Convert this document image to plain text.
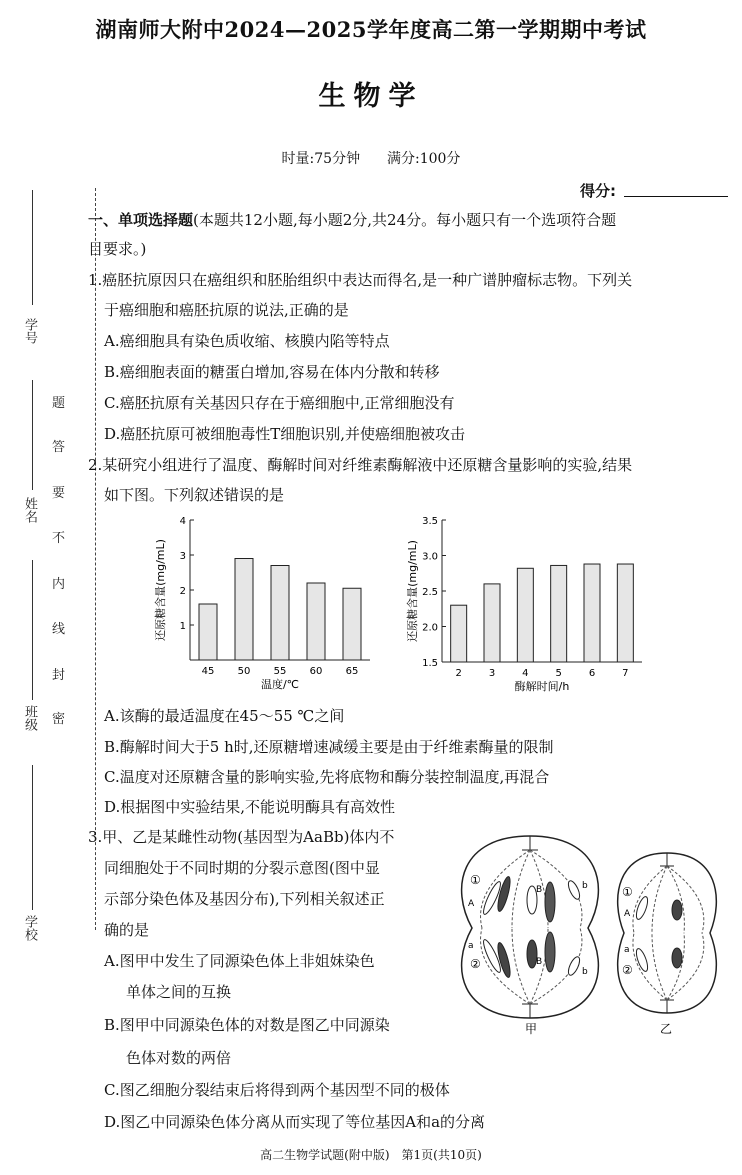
学号
姓名
班级
学校
题
答
要
不
内
线
封
密
湖南师大附中2024—2025学年度高二第一学期期中考试
生物学
时量:75分钟 满分:100分
得分:
一、单项选择题(本题共12小题,每小题2分,共24分。每小题只有一个选项符合题
目要求。)
1.癌胚抗原因只在癌组织和胚胎组织中表达而得名,是一种广谱肿瘤标志物。下列关
于癌细胞和癌胚抗原的说法,正确的是
A.癌细胞具有染色质收缩、核膜内陷等特点
B.癌细胞表面的糖蛋白增加,容易在体内分散和转移
C.癌胚抗原有关基因只存在于癌细胞中,正常细胞没有
D.癌胚抗原可被细胞毒性T细胞识别,并使癌细胞被攻击
2.某研究小组进行了温度、酶解时间对纤维素酶解液中还原糖含量影响的实验,结果
如下图。下列叙述错误的是
1
2
3
4
45 50 55 60 65
温度/℃
还原糖含量(mg/mL)
1.5
2.0
2.5
3.0
3.5
2	3	4	5	6	7
酶解时间/h
还原糖含量(mg/mL)
A.该酶的最适温度在45～55 ℃之间
B.酶解时间大于5 h时,还原糖增速减缓主要是由于纤维素酶量的限制
C.温度对还原糖含量的影响实验,先将底物和酶分装控制温度,再混合
D.根据图中实验结果,不能说明酶具有高效性
3.甲、乙是某雌性动物(基因型为AaBb)体内不
同细胞处于不同时期的分裂示意图(图中显
示部分染色体及基因分布),下列相关叙述正
确的是
A.图甲中发生了同源染色体上非姐妹染色
单体之间的互换
B.图甲中同源染色体的对数是图乙中同源染
色体对数的两倍
C.图乙细胞分裂结束后将得到两个基因型不同的极体
D.图乙中同源染色体分离从而实现了等位基因A和a的分离
①
②
A
a
B
B
b
b
甲
①
②
A
a
乙
高二生物学试题(附中版)　第1页(共10页)
